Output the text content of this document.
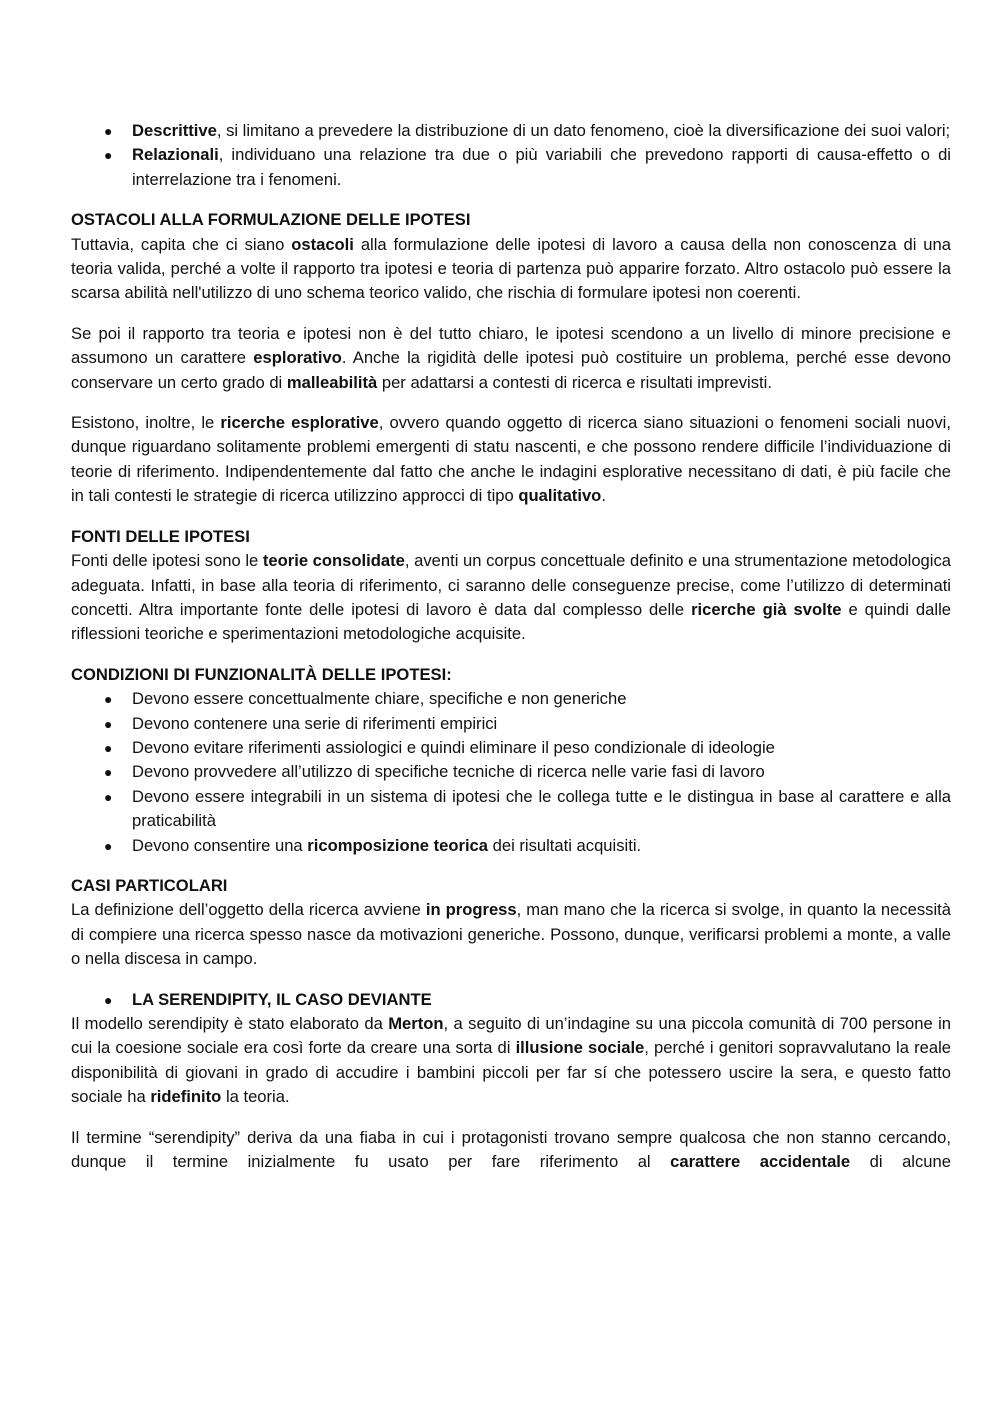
● Descrittive, si limitano a prevedere la distribuzione di un dato fenomeno, cioè la diversificazione dei suoi valori;
● Relazionali, individuano una relazione tra due o più variabili che prevedono rapporti di causa-effetto o di interrelazione tra i fenomeni.

OSTACOLI ALLA FORMULAZIONE DELLE IPOTESI

Tuttavia, capita che ci siano ostacoli alla formulazione delle ipotesi di lavoro a causa della non conoscenza di una teoria valida, perché a volte il rapporto tra ipotesi e teoria di partenza può apparire forzato. Altro ostacolo può essere la scarsa abilità nell'utilizzo di uno schema teorico valido, che rischia di formulare ipotesi non coerenti.

Se poi il rapporto tra teoria e ipotesi non è del tutto chiaro, le ipotesi scendono a un livello di minore precisione e assumono un carattere esplorativo. Anche la rigidità delle ipotesi può costituire un problema, perché esse devono conservare un certo grado di malleabilità per adattarsi a contesti di ricerca e risultati imprevisti.

Esistono, inoltre, le ricerche esplorative, ovvero quando oggetto di ricerca siano situazioni o fenomeni sociali nuovi, dunque riguardano solitamente problemi emergenti di statu nascenti, e che possono rendere difficile l’individuazione di teorie di riferimento. Indipendentemente dal fatto che anche le indagini esplorative necessitano di dati, è più facile che in tali contesti le strategie di ricerca utilizzino approcci di tipo qualitativo.

FONTI DELLE IPOTESI

Fonti delle ipotesi sono le teorie consolidate, aventi un corpus concettuale definito e una strumentazione metodologica adeguata. Infatti, in base alla teoria di riferimento, ci saranno delle conseguenze precise, come l’utilizzo di determinati concetti. Altra importante fonte delle ipotesi di lavoro è data dal complesso delle ricerche già svolte e quindi dalle riflessioni teoriche e sperimentazioni metodologiche acquisite.

CONDIZIONI DI FUNZIONALITÀ DELLE IPOTESI:

● Devono essere concettualmente chiare, specifiche e non generiche
● Devono contenere una serie di riferimenti empirici
● Devono evitare riferimenti assiologici e quindi eliminare il peso condizionale di ideologie
● Devono provvedere all’utilizzo di specifiche tecniche di ricerca nelle varie fasi di lavoro
● Devono essere integrabili in un sistema di ipotesi che le collega tutte e le distingua in base al carattere e alla praticabilità
● Devono consentire una ricomposizione teorica dei risultati acquisiti.

CASI PARTICOLARI

La definizione dell’oggetto della ricerca avviene in progress, man mano che la ricerca si svolge, in quanto la necessità di compiere una ricerca spesso nasce da motivazioni generiche. Possono, dunque, verificarsi problemi a monte, a valle o nella discesa in campo.

● LA SERENDIPITY, IL CASO DEVIANTE

Il modello serendipity è stato elaborato da Merton, a seguito di un’indagine su una piccola comunità di 700 persone in cui la coesione sociale era così forte da creare una sorta di illusione sociale, perché i genitori sopravvalutano la reale disponibilità di giovani in grado di accudire i bambini piccoli per far sí che potessero uscire la sera, e questo fatto sociale ha ridefinito la teoria.

Il termine “serendipity” deriva da una fiaba in cui i protagonisti trovano sempre qualcosa che non stanno cercando, dunque il termine inizialmente fu usato per fare riferimento al carattere accidentale di alcune
